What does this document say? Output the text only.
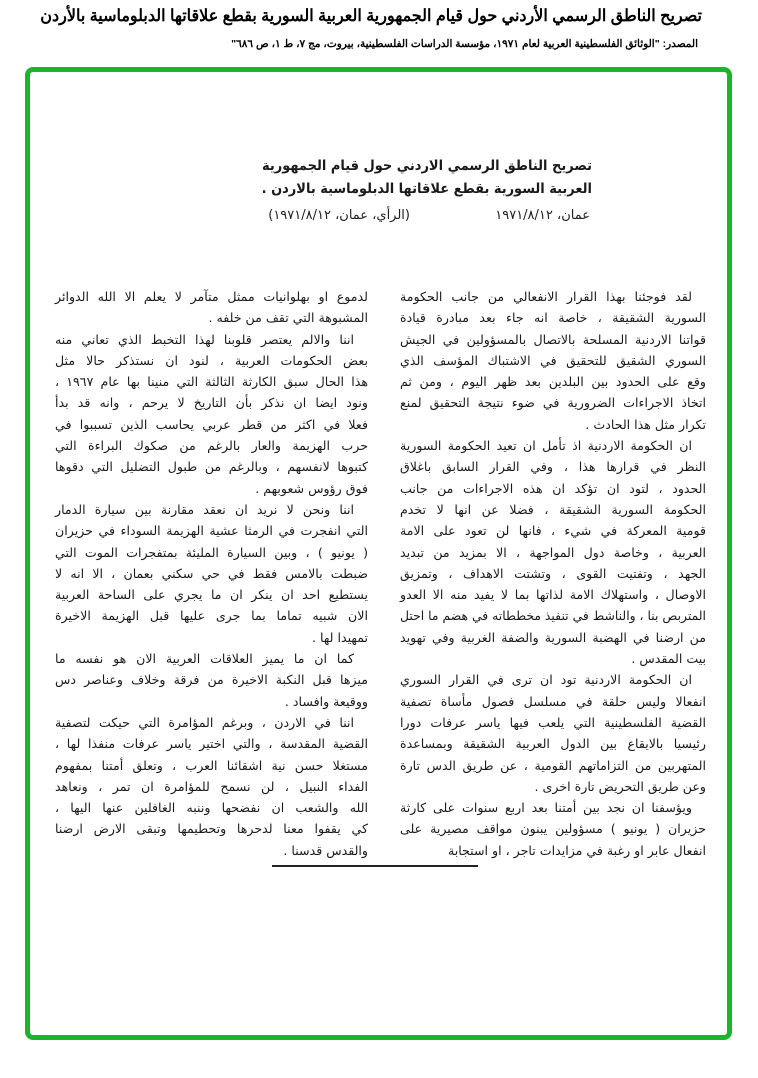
تصريح الناطق الرسمي الأردني حول قيام الجمهورية العربية السورية بقطع علاقاتها الدبلوماسية بالأردن
المصدر: "الوثائق الفلسطينية العربية لعام ١٩٧١، مؤسسة الدراسات الفلسطينية، بيروت، مج ٧، ط ١، ص ٦٨٦"
تصريح الناطق الرسمي الاردني حول قيام الجمهورية
العربية السورية بقطع علاقاتها الدبلوماسية بالاردن .
عمان، ١٩٧١/٨/١٢
(الرأي، عمان، ١٩٧١/٨/١٢)
لقد فوجئنا بهذا القرار الانفعالي من جانب الحكومة
السورية الشقيقة ، خاصة انه جاء بعد مبادرة قيادة
قواتنا الاردنية المسلحة بالاتصال بالمسؤولين في الجيش
السوري الشقيق للتحقيق في الاشتباك المؤسف الذي
وقع على الحدود بين البلدين بعد ظهر اليوم ، ومن ثم
اتخاذ الاجراءات الضرورية في ضوء نتيجة التحقيق لمنع
تكرار مثل هذا الحادث .
ان الحكومة الاردنية اذ تأمل ان تعيد الحكومة السورية
النظر في قرارها هذا ، وفي القرار السابق باغلاق
الحدود ، لتود ان تؤكد ان هذه الاجراءات من جانب
الحكومة السورية الشقيقة ، فضلا عن انها لا تخدم
قومية المعركة في شيء ، فانها لن تعود على الامة
العربية ، وخاصة دول المواجهة ، الا بمزيد من تبديد
الجهد ، وتفتيت القوى ، وتشتت الاهداف ، وتمزيق
الاوصال ، واستهلاك الامة لذاتها بما لا يفيد منه الا العدو
المتربص بنا ، والناشط في تنفيذ مخططاته في هضم ما احتل
من ارضنا في الهضبة السورية والضفة الغربية وفي تهويد
بيت المقدس .
ان الحكومة الاردنية تود ان ترى في القرار السوري
انفعالا وليس حلقة في مسلسل فصول مأساة تصفية
القضية الفلسطينية التي يلعب فيها ياسر عرفات دورا
رئيسيا بالايقاع بين الدول العربية الشقيقة وبمساعدة
المتهربين من التزاماتهم القومية ، عن طريق الدس تارة
وعن طريق التحريض تارة اخرى .
ويؤسفنا ان نجد بين أمتنا بعد اربع سنوات على كارثة
حزيران ( يونيو ) مسؤولين يبنون مواقف مصيرية على
انفعال عابر او رغبة في مزايدات تاجر ، او استجابة
لدموع او بهلوانيات ممثل متآمر لا يعلم الا الله الدوائر
المشبوهة التي تقف من خلفه .
اننا والالم يعتصر قلوبنا لهذا التخبط الذي تعاني منه
بعض الحكومات العربية ، لنود ان نستذكر حالا مثل
هذا الحال سبق الكارثة الثالثة التي منينا بها عام ١٩٦٧ ،
ونود ايضا ان نذكر بأن التاريخ لا يرحم ، وانه قد بدأ
فعلا في اكثر من قطر عربي يحاسب الذين تسببوا في
حرب الهزيمة والعار بالرغم من صكوك البراءة التي
كتبوها لانفسهم ، وبالرغم من طبول التضليل التي دقوها
فوق رؤوس شعوبهم .
اننا ونحن لا نريد ان نعقد مقارنة بين سيارة الدمار
التي انفجرت في الرمثا عشية الهزيمة السوداء في حزيران
( يونيو ) ، وبين السيارة المليئة بمتفجرات الموت التي
ضبطت بالامس فقط في حي سكني بعمان ، الا انه لا
يستطيع احد ان ينكر ان ما يجري على الساحة العربية
الان شبيه تماما بما جرى عليها قبل الهزيمة الاخيرة
تمهيدا لها .
كما ان ما يميز العلاقات العربية الان هو نفسه ما
ميزها قبل النكبة الاخيرة من فرقة وخلاف وعناصر دس
ووقيعة وافساد .
اننا في الاردن ، وبرغم المؤامرة التي حيكت لتصفية
القضية المقدسة ، والتي اختير ياسر عرفات منفذا لها ،
مستغلا حسن نية اشقائنا العرب ، وتعلق أمتنا بمفهوم
الفداء النبيل ، لن نسمح للمؤامرة ان تمر ، ونعاهد
الله والشعب ان نفضحها وننبه الغافلين عنها اليها ،
كي يقفوا معنا لدحرها وتحطيمها وتبقى الارض ارضنا
والقدس قدسنا .
